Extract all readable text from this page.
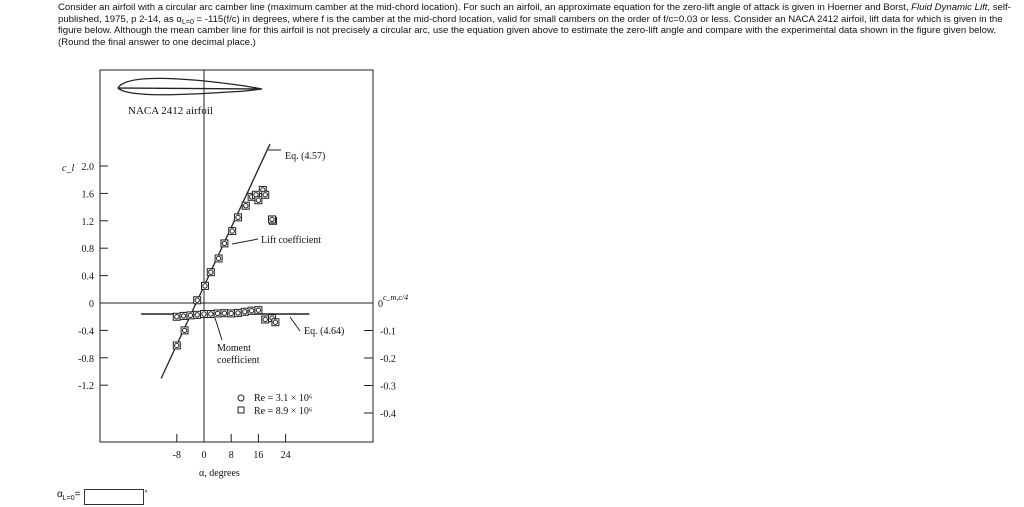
Consider an airfoil with a circular arc camber line (maximum camber at the mid-chord location). For such an airfoil, an approximate equation for the zero-lift angle of attack is given in Hoerner and Borst, Fluid Dynamic Lift, self-published, 1975, p 2-14, as $\alpha_{L=0} = -115(f/c)$ in degrees, where f is the camber at the mid-chord location, valid for small cambers on the order of f/c=0.03 or less. Consider an NACA 2412 airfoil, lift data for which is given in the figure below. Although the mean camber line for this airfoil is not precisely a circular arc, use the equation given above to estimate the zero-lift angle and compare with the experimental data shown in the figure given below. (Round the final answer to one decimal place.)
NACA 2412 airfoil
c_l
c_m,c/4
α, degrees
2.0
1.6
1.2
0.8
0.4
0
-0.4
-0.8
-1.2
0
-0.1
-0.2
-0.3
-0.4
-8 0 8 16 24
Eq. (4.57)
Lift coefficient
Eq. (4.64)
Moment
coefficient
Re = 3.1 × 10⁶
Re = 8.9 × 10⁶
α L=0 =	°
